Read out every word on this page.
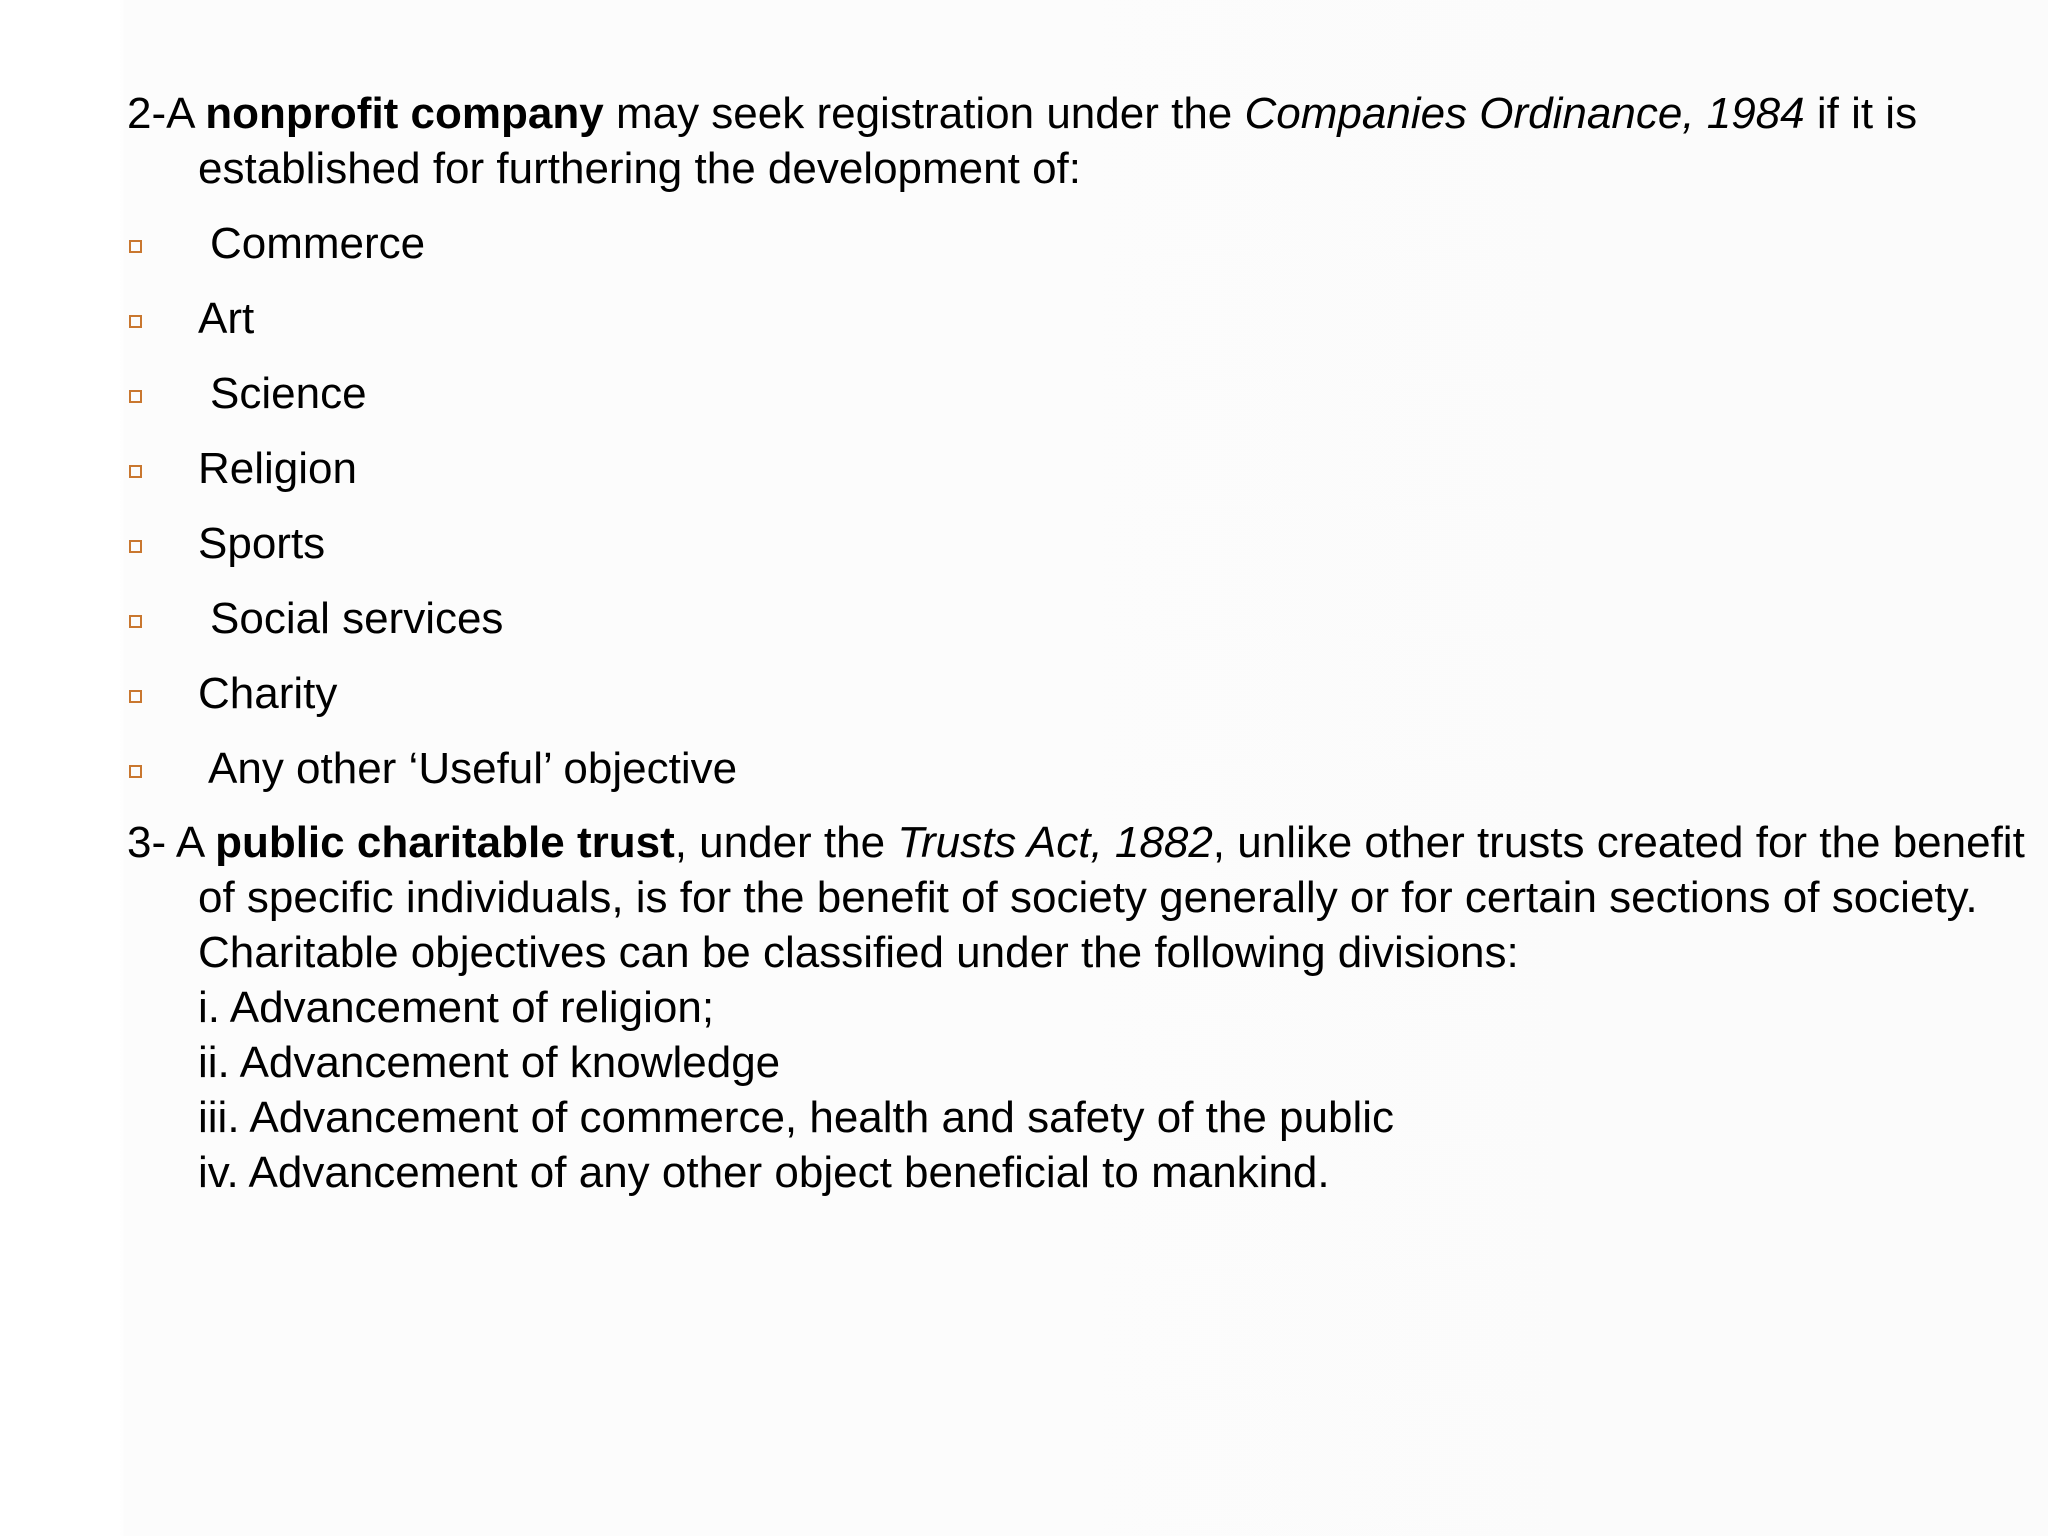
2-A nonprofit company may seek registration under the Companies Ordinance, 1984 if it is established for furthering the development of:

Commerce
Art
Science
Religion
Sports
Social services
Charity
Any other ‘Useful’ objective

3- A public charitable trust, under the Trusts Act, 1882, unlike other trusts created for the benefit of specific individuals, is for the benefit of society generally or for certain sections of society. Charitable objectives can be classified under the following divisions:

i. Advancement of religion;
ii. Advancement of knowledge
iii. Advancement of commerce, health and safety of the public
iv. Advancement of any other object beneficial to mankind.
